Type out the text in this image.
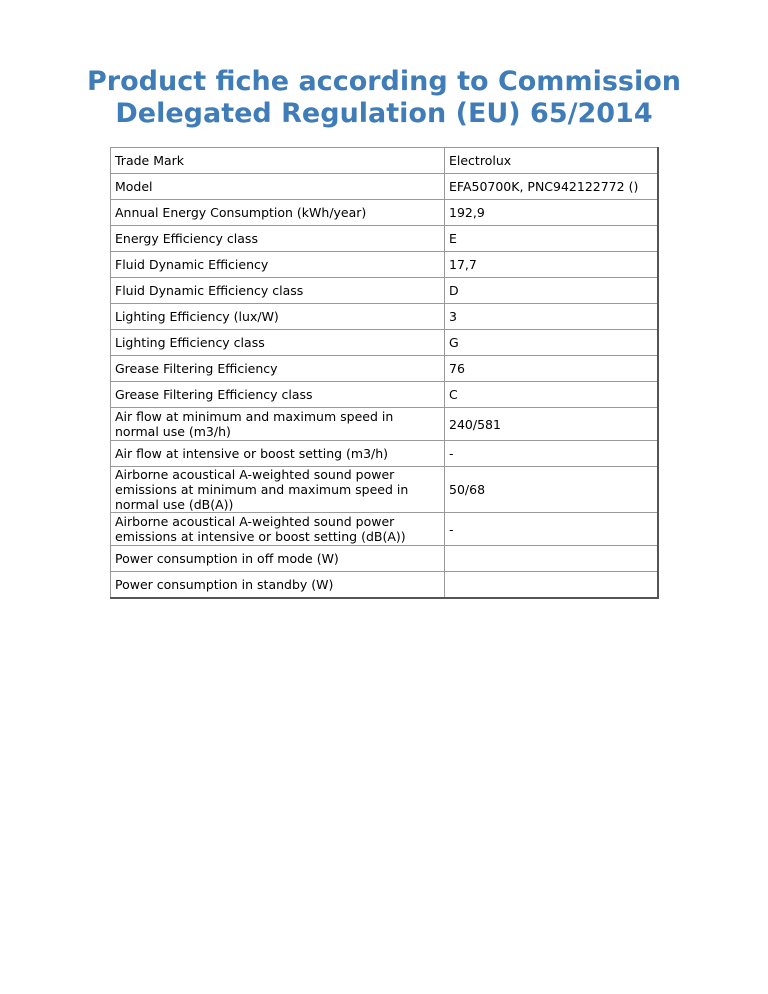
Product fiche according to Commission
Delegated Regulation (EU) 65/2014
Trade Mark	Electrolux
Model	EFA50700K, PNC942122772 ()
Annual Energy Consumption (kWh/year)	192,9
Energy Efficiency class	E
Fluid Dynamic Efficiency	17,7
Fluid Dynamic Efficiency class	D
Lighting Efficiency (lux/W)	3
Lighting Efficiency class	G
Grease Filtering Efficiency	76
Grease Filtering Efficiency class	C
Air flow at minimum and maximum speed in normal use (m3/h)	240/581
Air flow at intensive or boost setting (m3/h)	-
Airborne acoustical A-weighted sound power emissions at minimum and maximum speed in normal use (dB(A))	50/68
Airborne acoustical A-weighted sound power emissions at intensive or boost setting (dB(A))	-
Power consumption in off mode (W)	
Power consumption in standby (W)	
